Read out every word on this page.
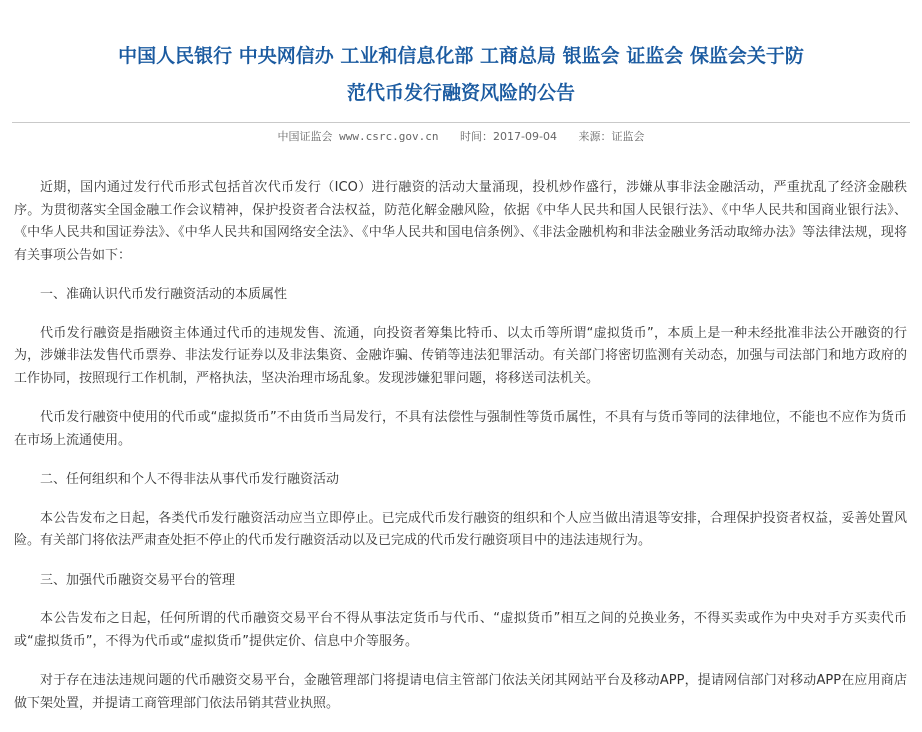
中国人民银行 中央网信办 工业和信息化部 工商总局 银监会 证监会 保监会关于防
范代币发行融资风险的公告
中国证监会 www.csrc.gov.cn 时间：2017-09-04 来源：证监会

近期，国内通过发行代币形式包括首次代币发行（ICO）进行融资的活动大量涌现，投机炒作盛行，涉嫌从事非法金融活动，严重扰乱了经济金融秩序。为贯彻落实全国金融工作会议精神，保护投资者合法权益，防范化解金融风险，依据《中华人民共和国人民银行法》、《中华人民共和国商业银行法》、《中华人民共和国证券法》、《中华人民共和国网络安全法》、《中华人民共和国电信条例》、《非法金融机构和非法金融业务活动取缔办法》等法律法规，现将有关事项公告如下：

一、准确认识代币发行融资活动的本质属性

代币发行融资是指融资主体通过代币的违规发售、流通，向投资者筹集比特币、以太币等所谓“虚拟货币”，本质上是一种未经批准非法公开融资的行为，涉嫌非法发售代币票券、非法发行证券以及非法集资、金融诈骗、传销等违法犯罪活动。有关部门将密切监测有关动态，加强与司法部门和地方政府的工作协同，按照现行工作机制，严格执法，坚决治理市场乱象。发现涉嫌犯罪问题，将移送司法机关。

代币发行融资中使用的代币或“虚拟货币”不由货币当局发行，不具有法偿性与强制性等货币属性，不具有与货币等同的法律地位，不能也不应作为货币在市场上流通使用。

二、任何组织和个人不得非法从事代币发行融资活动

本公告发布之日起，各类代币发行融资活动应当立即停止。已完成代币发行融资的组织和个人应当做出清退等安排，合理保护投资者权益，妥善处置风险。有关部门将依法严肃查处拒不停止的代币发行融资活动以及已完成的代币发行融资项目中的违法违规行为。

三、加强代币融资交易平台的管理

本公告发布之日起，任何所谓的代币融资交易平台不得从事法定货币与代币、“虚拟货币”相互之间的兑换业务，不得买卖或作为中央对手方买卖代币或“虚拟货币”，不得为代币或“虚拟货币”提供定价、信息中介等服务。

对于存在违法违规问题的代币融资交易平台，金融管理部门将提请电信主管部门依法关闭其网站平台及移动APP，提请网信部门对移动APP在应用商店做下架处置，并提请工商管理部门依法吊销其营业执照。
